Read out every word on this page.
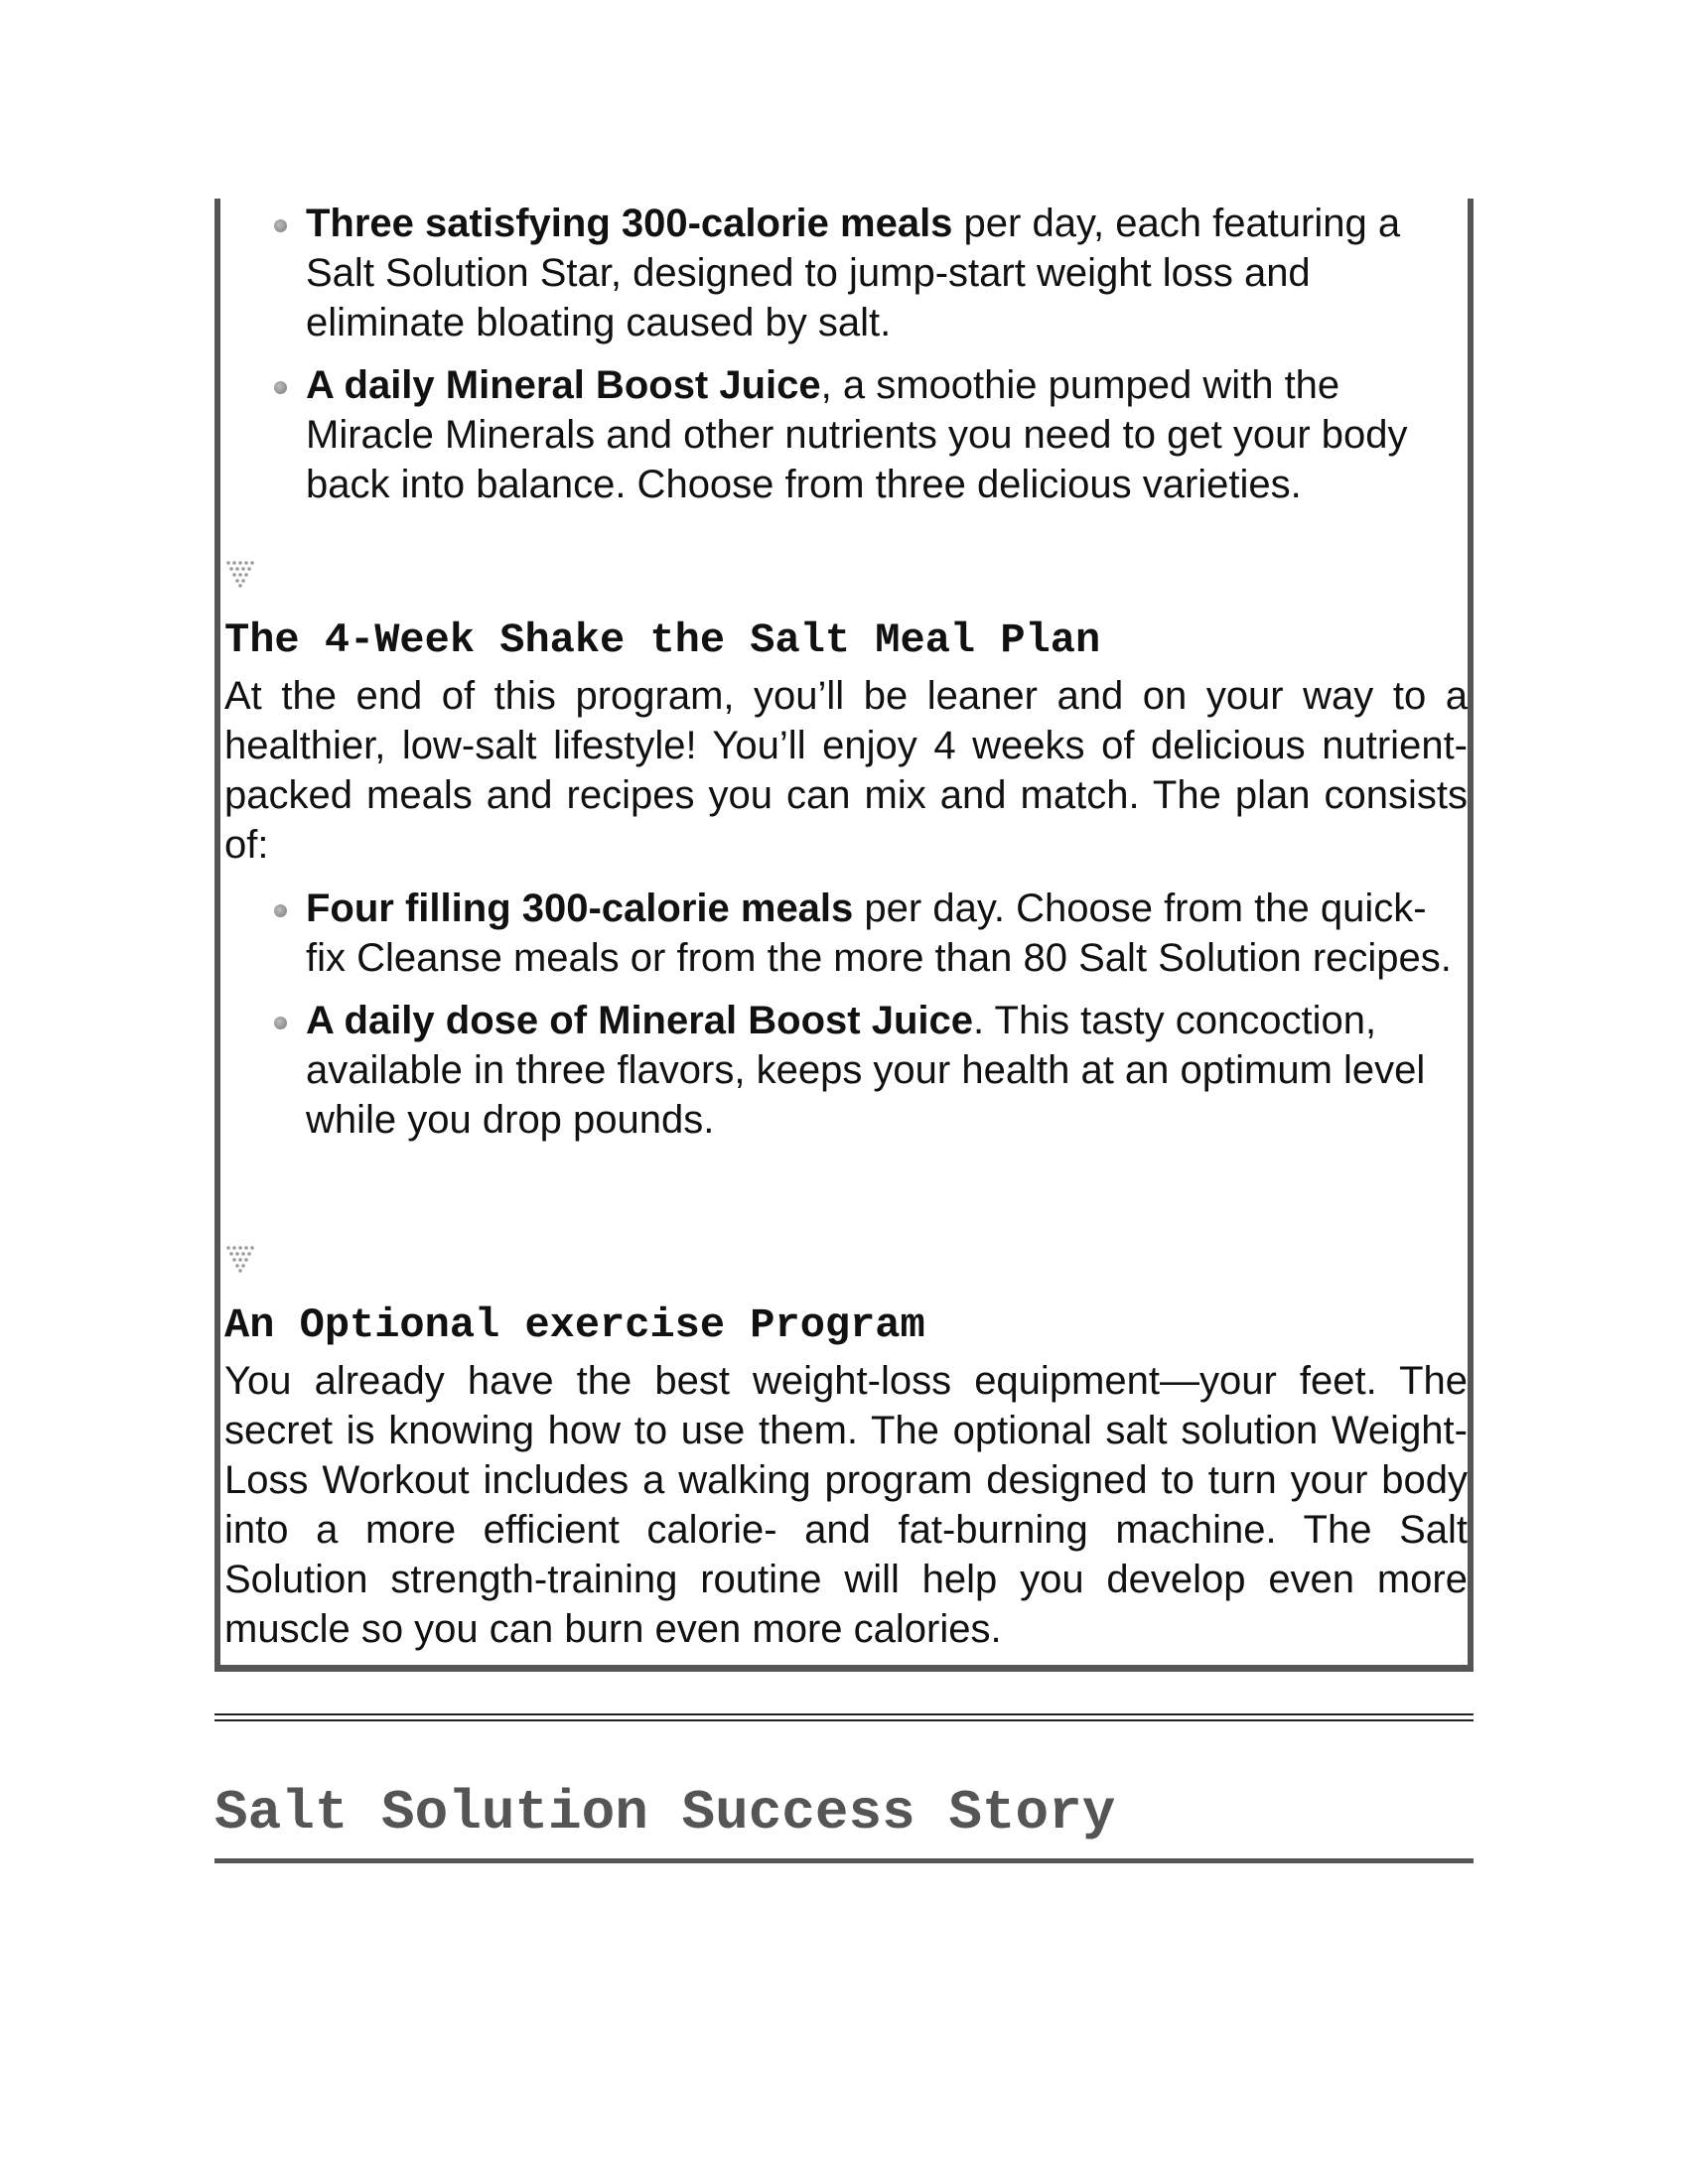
Three satisfying 300-calorie meals per day, each featuring a Salt Solution Star, designed to jump-start weight loss and eliminate bloating caused by salt.
A daily Mineral Boost Juice, a smoothie pumped with the Miracle Minerals and other nutrients you need to get your body back into balance. Choose from three delicious varieties.
The 4-Week Shake the Salt Meal Plan

At the end of this program, you’ll be leaner and on your way to a healthier, low-salt lifestyle! You’ll enjoy 4 weeks of delicious nutrient-packed meals and recipes you can mix and match. The plan consists of:

Four filling 300-calorie meals per day. Choose from the quick-fix Cleanse meals or from the more than 80 Salt Solution recipes.
A daily dose of Mineral Boost Juice. This tasty concoction, available in three flavors, keeps your health at an optimum level while you drop pounds.
An Optional exercise Program

You already have the best weight-loss equipment—your feet. The secret is knowing how to use them. The optional salt solution Weight-Loss Workout includes a walking program designed to turn your body into a more efficient calorie- and fat-burning machine. The Salt Solution strength-training routine will help you develop even more muscle so you can burn even more calories.

Salt Solution Success Story
